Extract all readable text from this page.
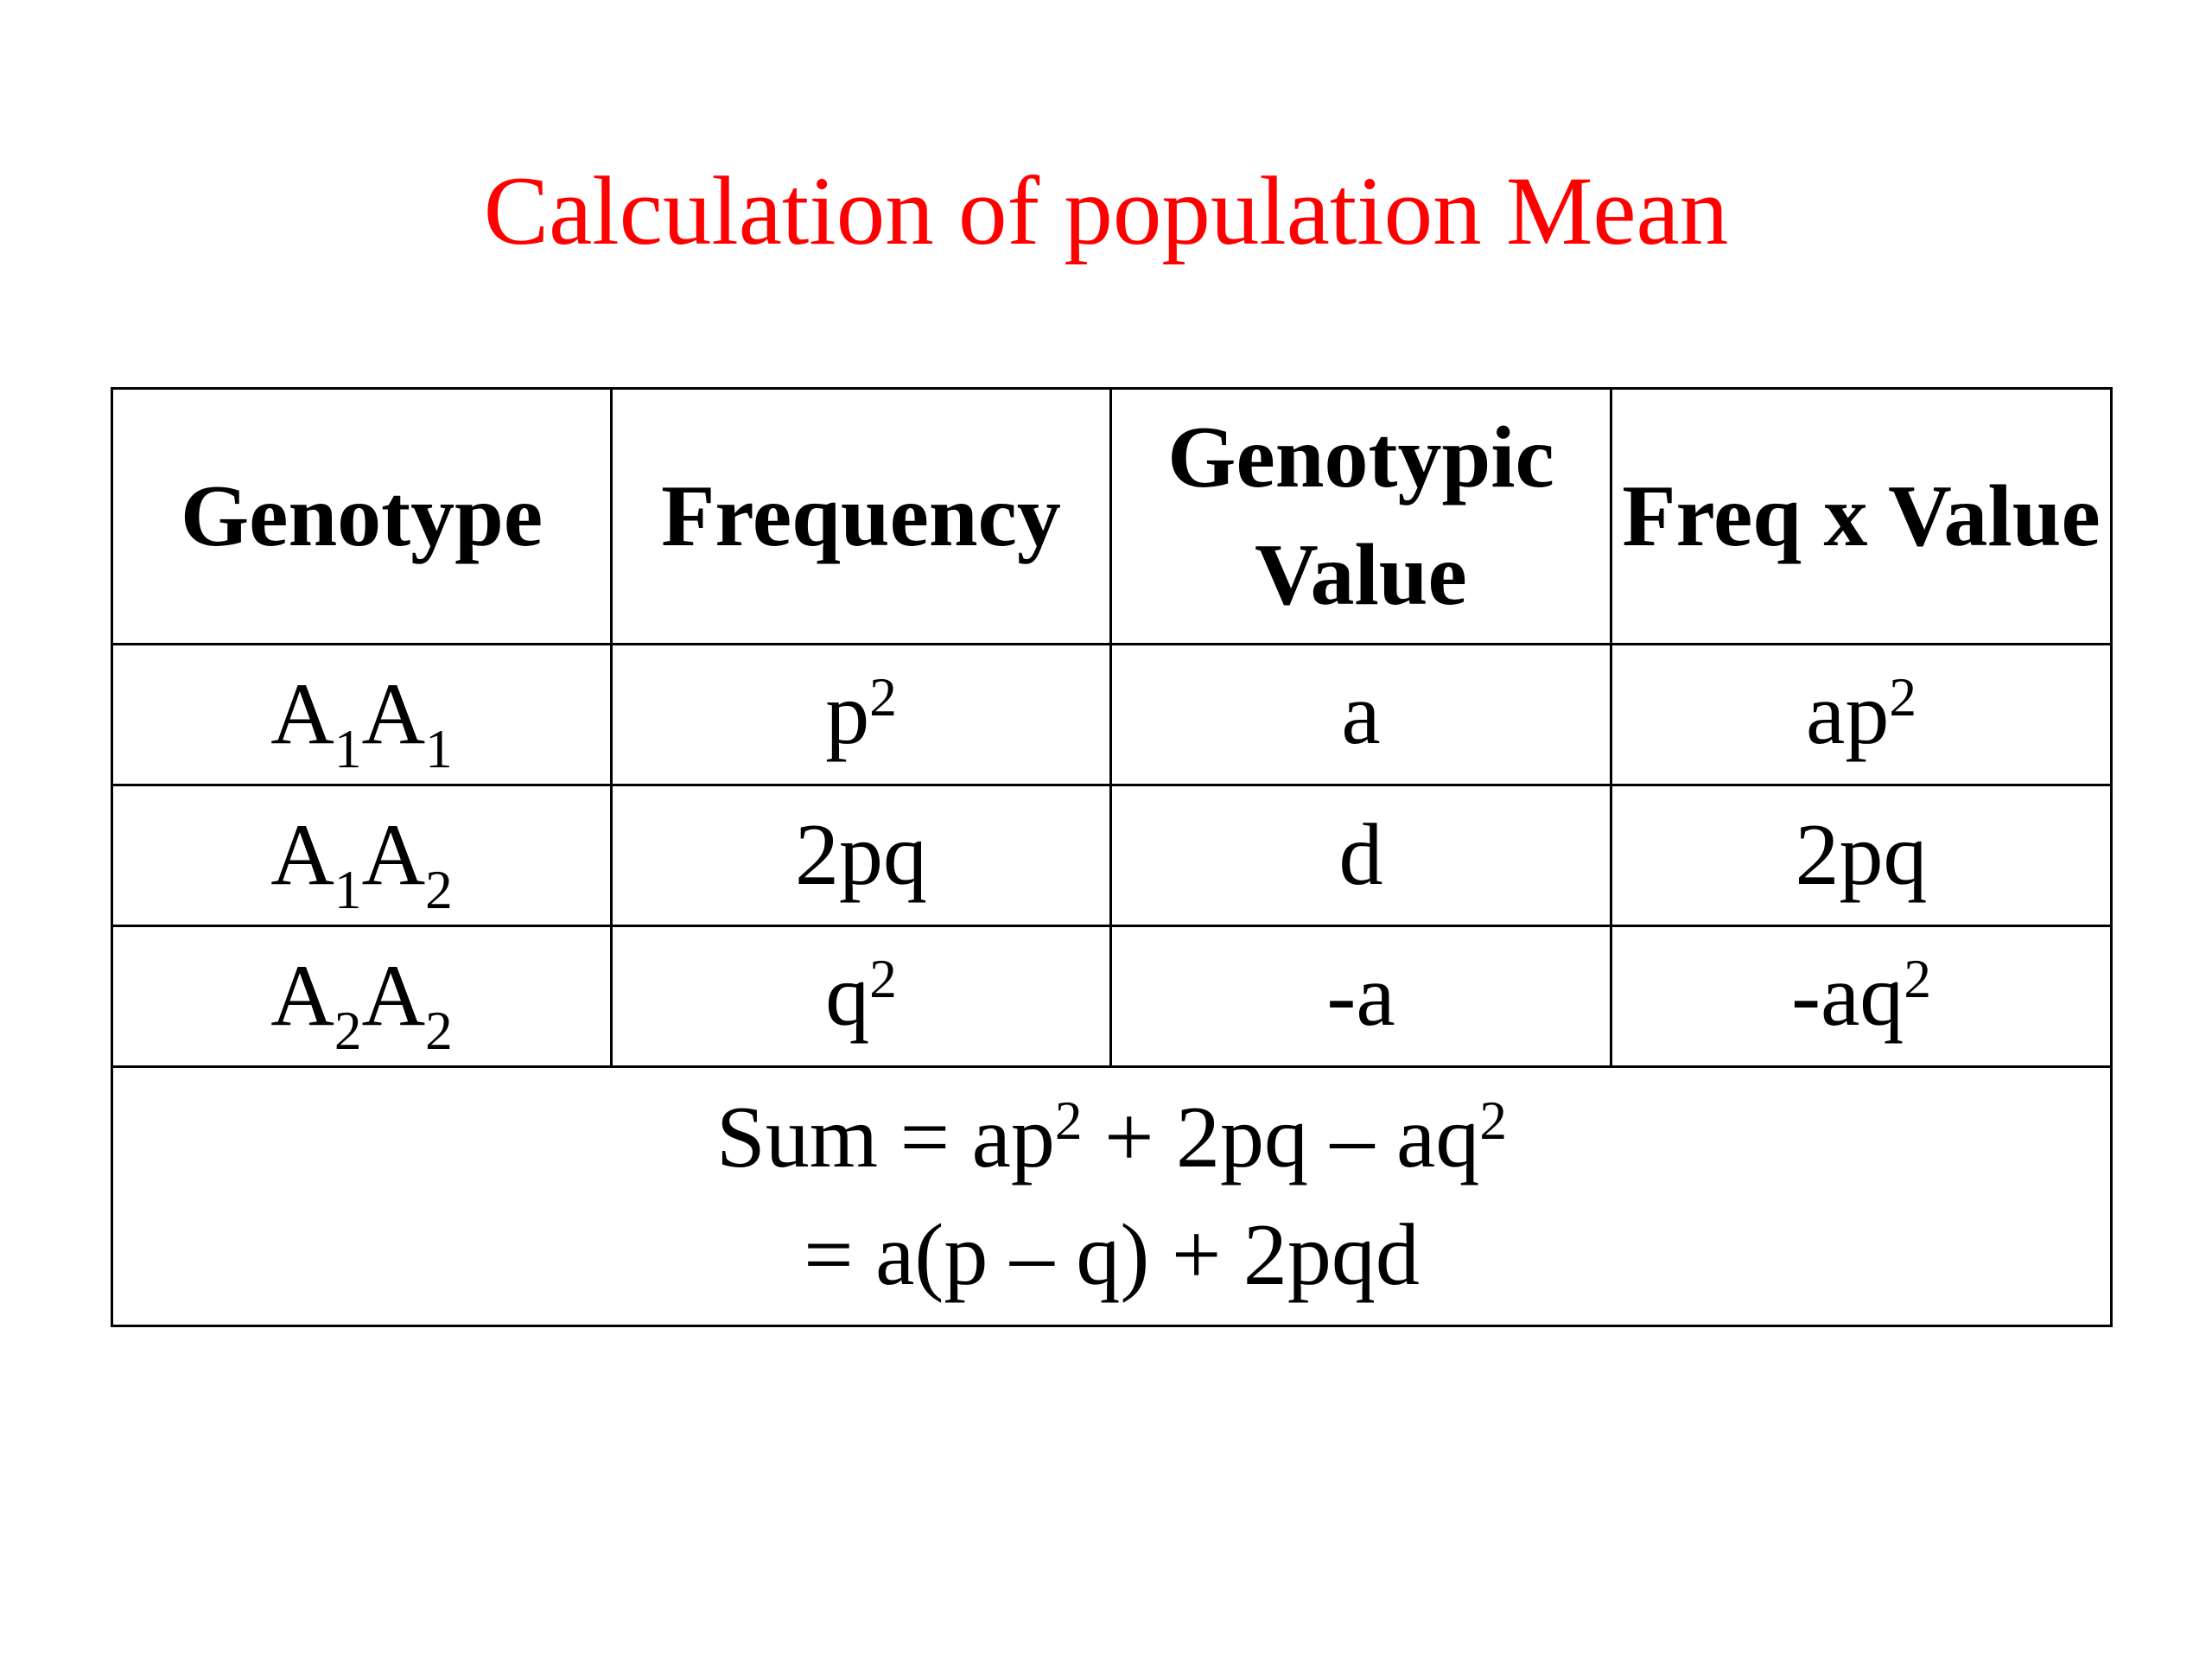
Calculation of population Mean
Genotype	Frequency	Genotypic Value	Freq x Value
$A_1A_1$	$p^2$	a	$ap^2$
$A_1A_2$	2pq	d	2pq
$A_2A_2$	$q^2$	-a	$-aq^2$

Sum = $ap^2 + 2pq - aq^2$
= a(p – q) + 2pqd			
